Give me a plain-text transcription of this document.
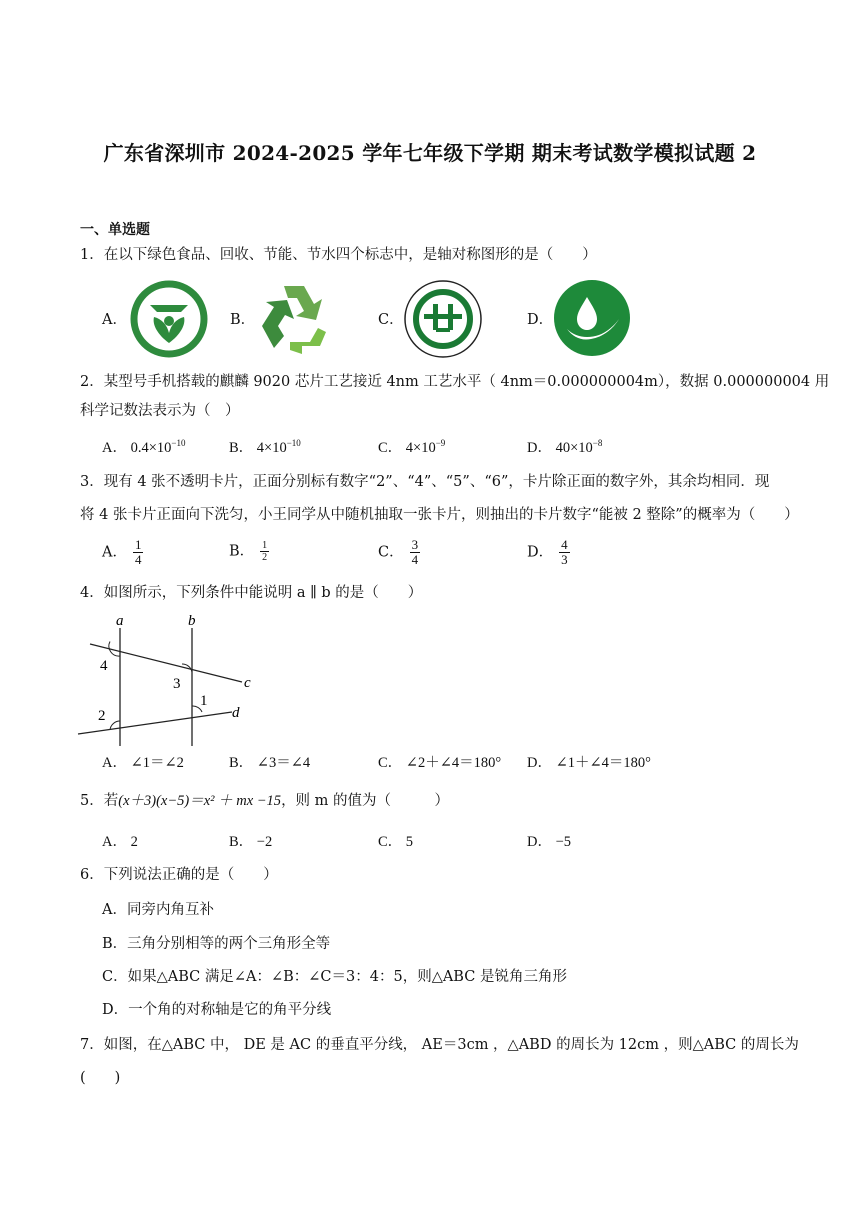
广东省深圳市 2024-2025 学年七年级下学期 期末考试数学模拟试题 2
一、单选题
1．在以下绿色食品、回收、节能、节水四个标志中，是轴对称图形的是（　　）
A．	B．	C．	D．
2．某型号手机搭载的麒麟 9020 芯片工艺接近 4nm 工艺水平（ 4nm＝0.000000004m），数据 0.000000004 用
科学记数法表示为（　）
A． $0.4\times 10^{-10}$	B． $4\times 10^{-10}$	C． $4\times 10^{-9}$	D． $40\times 10^{-8}$
3．现有 4 张不透明卡片，正面分别标有数字“2”、“4”、“5”、“6”，卡片除正面的数字外，其余均相同．现
将 4 张卡片正面向下洗匀，小王同学从中随机抽取一张卡片，则抽出的卡片数字“能被 2 整除”的概率为（　　）
A． $\frac{1}{4}$	B． $\frac{1}{2}$	C． $\frac{3}{4}$	D． $\frac{4}{3}$
4．如图所示，下列条件中能说明 a ∥ b 的是（　　）
a	b
c
d
4
3
1
2
A． ∠1＝∠2	B． ∠3＝∠4	C． ∠2＋∠4＝180° D． ∠1＋∠4＝180°
5．若(x＋3)(x−5)＝x² ＋ mx −15，则 m 的值为（　　　）
A． 2	B． −2	C． 5	D． −5
6．下列说法正确的是（　　）
A．同旁内角互补
B．三角分别相等的两个三角形全等
C．如果△ABC 满足∠A：∠B：∠C＝3：4：5，则△ABC 是锐角三角形
D．一个角的对称轴是它的角平分线
7．如图，在△ABC 中， DE 是 AC 的垂直平分线， AE＝3cm ，△ABD 的周长为 12cm ，则△ABC 的周长为
(　　)
